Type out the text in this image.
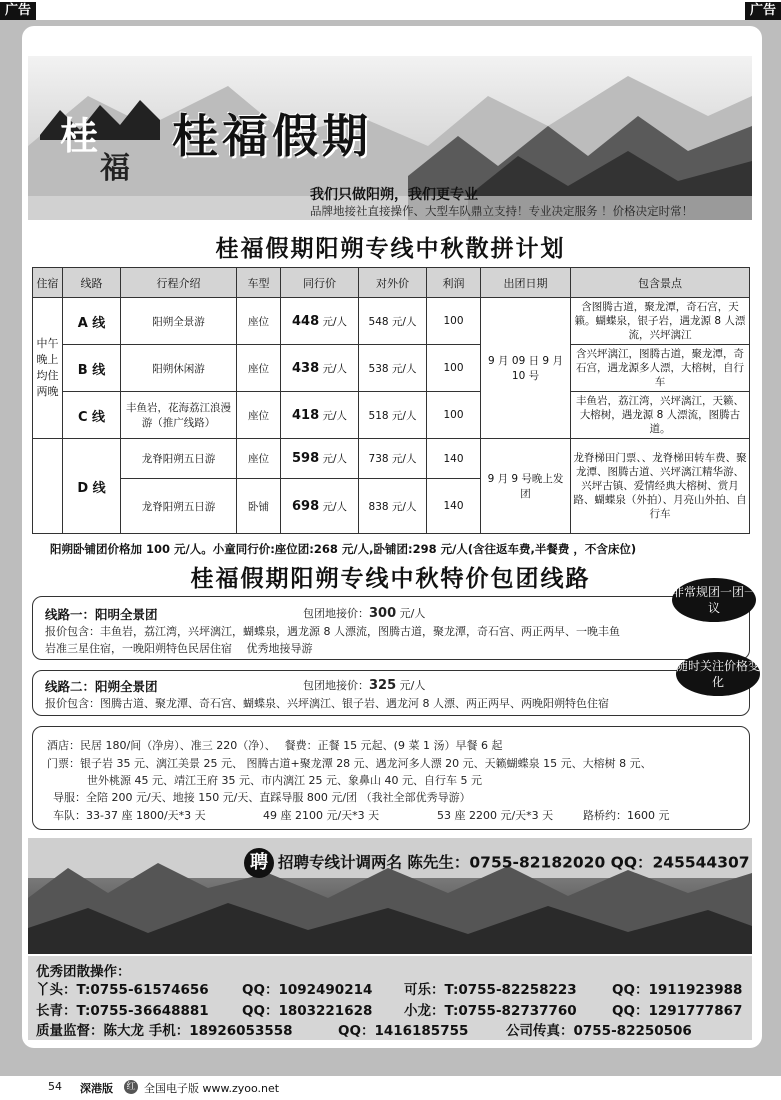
广告	广告
桂
福
桂福假期
我们只做阳朔，我们更专业
品牌地接社直接操作、大型车队鼎立支持！专业决定服务 ！价格决定时常！
桂福假期阳朔专线中秋散拼计划
住宿	线路	行程介绍	车型	同行价	对外价	利润	出团日期	包含景点
中午晚上均住两晚	A 线	阳朔全景游	座位	448 元/人	548 元/人	100	9 月 09 日 9 月 10 号	含图腾古道，聚龙潭，奇石宫，天籁。蝴蝶泉，银子岩，遇龙源 8 人漂流，兴坪漓江
	B 线	阳朔休闲游	座位	438 元/人	538 元/人	100		含兴坪漓江，图腾古道，聚龙潭，奇石宫，遇龙源多人漂，大榕树，自行车
	C 线	丰鱼岩，花海荔江浪漫游（推广线路）	座位	418 元/人	518 元/人	100		丰鱼岩，荔江湾，兴坪漓江，天籁、大榕树，遇龙源 8 人漂流，图腾古道。
	D 线	龙脊阳朔五日游	座位	598 元/人	738 元/人	140	9 月 9 号晚上发团	龙脊梯田门票、、龙脊梯田转车费、聚龙潭、图腾古道、兴坪漓江精华游、兴坪古镇、爱情经典大榕树、赏月路、蝴蝶泉（外拍）、月亮山外拍、自行车
		龙脊阳朔五日游	卧铺	698 元/人	838 元/人	140		
阳朔卧铺团价格加 100 元/人。小童同行价:座位团:268 元/人,卧铺团:298 元/人(含往返车费,半餐费 ，不含床位)
桂福假期阳朔专线中秋特价包团线路
线路一：阳明全景团	包团地接价：300 元/人
报价包含：丰鱼岩，荔江湾，兴坪漓江，蝴蝶泉，遇龙源 8 人漂流，图腾古道，聚龙潭，奇石宫、两正两早、一晚丰鱼
岩准三星住宿，一晚阳朔特色民居住宿　 优秀地接导游
线路二：阳朔全景团	包团地接价：325 元/人
报价包含：图腾古道、聚龙潭、奇石宫、蝴蝶泉、兴坪漓江、银子岩、遇龙河 8 人漂、两正两早、两晚阳朔特色住宿
非常规团一团一议
随时关注价格变化
酒店：民居 180/间（净房）、准三 220（净）、　 餐费：正餐 15 元起、(9 菜 1 汤）早餐 6 起
门票：银子岩 35 元、漓江美景 25 元、 图腾古道+聚龙潭 28 元、遇龙河多人漂 20 元、天籁蝴蝶泉 15 元、大榕树 8 元、
世外桃源 45 元、靖江王府 35 元、市内漓江 25 元、象鼻山 40 元、自行车 5 元
导服：全陪 200 元/天、地接 150 元/天、直踩导服 800 元/团 （我社全部优秀导游）
车队：33-37 座 1800/天*3 天	49 座 2100 元/天*3 天	53 座 2200 元/天*3 天	路桥约：1600 元
聘 招聘专线计调两名 陈先生：0755-82182020 QQ：245544307
优秀团散操作：
丫头：T:0755-61574656 QQ：1092490214 可乐：T:0755-82258223	QQ：1911923988
长青：T:0755-36648881 QQ：1803221628 小龙：T:0755-82737760	QQ：1291777867
质量监督：陈大龙 手机：18926053558	QQ：1416185755	公司传真：0755-82250506
54 深港版 红 全国电子版 www.zyoo.net
